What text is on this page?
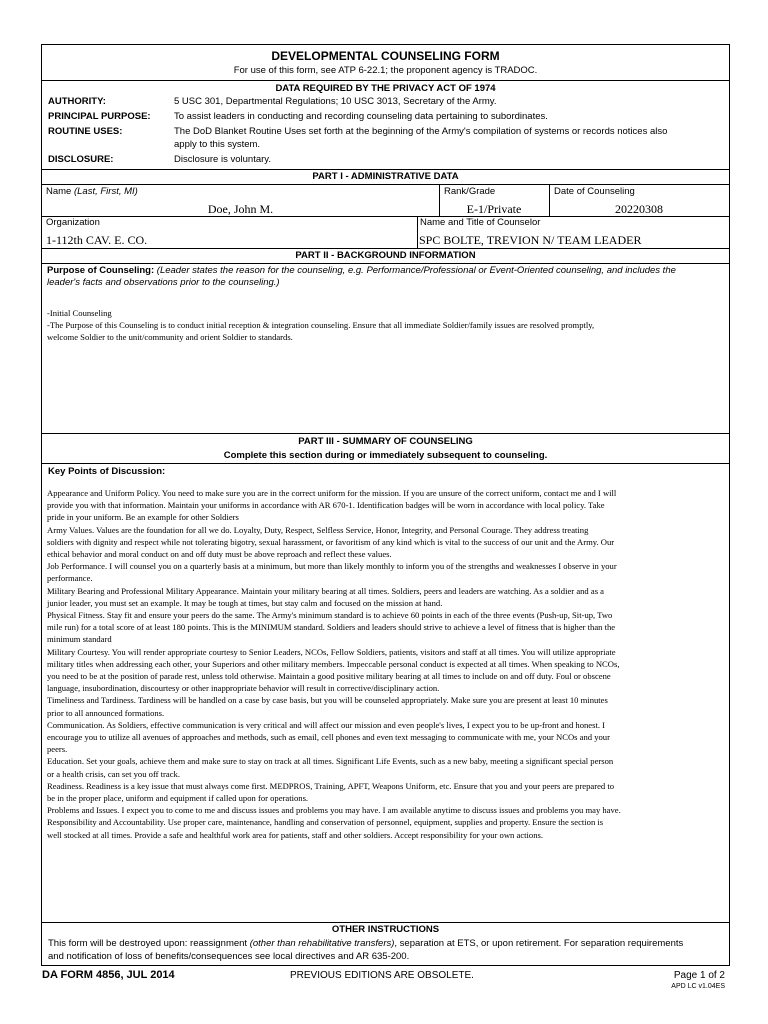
DEVELOPMENTAL COUNSELING FORM
For use of this form, see ATP 6-22.1; the proponent agency is TRADOC.
DATA REQUIRED BY THE PRIVACY ACT OF 1974
AUTHORITY:	5 USC 301, Departmental Regulations; 10 USC 3013, Secretary of the Army.
PRINCIPAL PURPOSE: To assist leaders in conducting and recording counseling data pertaining to subordinates.
ROUTINE USES:	The DoD Blanket Routine Uses set forth at the beginning of the Army's compilation of systems or records notices also
apply to this system.
DISCLOSURE:	Disclosure is voluntary.
PART I - ADMINISTRATIVE DATA
Name (Last, First, MI)
Doe, John M.
Rank/Grade
E-1/Private
Date of Counseling
20220308
Organization
1-112th CAV. E. CO.
Name and Title of Counselor
SPC BOLTE, TREVION N/ TEAM LEADER
PART II - BACKGROUND INFORMATION
Purpose of Counseling: (Leader states the reason for the counseling, e.g. Performance/Professional or Event-Oriented counseling, and includes the
leader's facts and observations prior to the counseling.)

-Initial Counseling

-The Purpose of this Counseling is to conduct initial reception & integration counseling. Ensure that all immediate Soldier/family issues are resolved promptly,

welcome Soldier to the unit/community and orient Soldier to standards.

PART III - SUMMARY OF COUNSELING
Complete this section during or immediately subsequent to counseling.
Key Points of Discussion:

Appearance and Uniform Policy. You need to make sure you are in the correct uniform for the mission. If you are unsure of the correct uniform, contact me and I will

provide you with that information. Maintain your uniforms in accordance with AR 670-1. Identification badges will be worn in accordance with local policy. Take

pride in your uniform. Be an example for other Soldiers

Army Values. Values are the foundation for all we do. Loyalty, Duty, Respect, Selfless Service, Honor, Integrity, and Personal Courage. They address treating

soldiers with dignity and respect while not tolerating bigotry, sexual harassment, or favoritism of any kind which is vital to the success of our unit and the Army. Our

ethical behavior and moral conduct on and off duty must be above reproach and reflect these values.

Job Performance. I will counsel you on a quarterly basis at a minimum, but more than likely monthly to inform you of the strengths and weaknesses I observe in your

performance.

Military Bearing and Professional Military Appearance. Maintain your military bearing at all times. Soldiers, peers and leaders are watching. As a soldier and as a

junior leader, you must set an example. It may be tough at times, but stay calm and focused on the mission at hand.

Physical Fitness. Stay fit and ensure your peers do the same. The Army's minimum standard is to achieve 60 points in each of the three events (Push-up, Sit-up, Two

mile run) for a total score of at least 180 points. This is the MINIMUM standard. Soldiers and leaders should strive to achieve a level of fitness that is higher than the

minimum standard

Military Courtesy. You will render appropriate courtesy to Senior Leaders, NCOs, Fellow Soldiers, patients, visitors and staff at all times. You will utilize appropriate

military titles when addressing each other, your Superiors and other military members. Impeccable personal conduct is expected at all times. When speaking to NCOs,

you need to be at the position of parade rest, unless told otherwise. Maintain a good positive military bearing at all times to include on and off duty. Foul or obscene

language, insubordination, discourtesy or other inappropriate behavior will result in corrective/disciplinary action.

Timeliness and Tardiness. Tardiness will be handled on a case by case basis, but you will be counseled appropriately. Make sure you are present at least 10 minutes

prior to all announced formations.

Communication. As Soldiers, effective communication is very critical and will affect our mission and even people's lives, I expect you to be up-front and honest. I

encourage you to utilize all avenues of approaches and methods, such as email, cell phones and even text messaging to communicate with me, your NCOs and your

peers.

Education. Set your goals, achieve them and make sure to stay on track at all times. Significant Life Events, such as a new baby, meeting a significant special person

or a health crisis, can set you off track.

Readiness. Readiness is a key issue that must always come first. MEDPROS, Training, APFT, Weapons Uniform, etc. Ensure that you and your peers are prepared to

be in the proper place, uniform and equipment if called upon for operations.

Problems and Issues. I expect you to come to me and discuss issues and problems you may have. I am available anytime to discuss issues and problems you may have.

Responsibility and Accountability. Use proper care, maintenance, handling and conservation of personnel, equipment, supplies and property. Ensure the section is

well stocked at all times. Provide a safe and healthful work area for patients, staff and other soldiers. Accept responsibility for your own actions.

OTHER INSTRUCTIONS
This form will be destroyed upon: reassignment (other than rehabilitative transfers), separation at ETS, or upon retirement. For separation requirements
and notification of loss of benefits/consequences see local directives and AR 635-200.
DA FORM 4856, JUL 2014	PREVIOUS EDITIONS ARE OBSOLETE.	Page 1 of 2
APD LC v1.04ES
